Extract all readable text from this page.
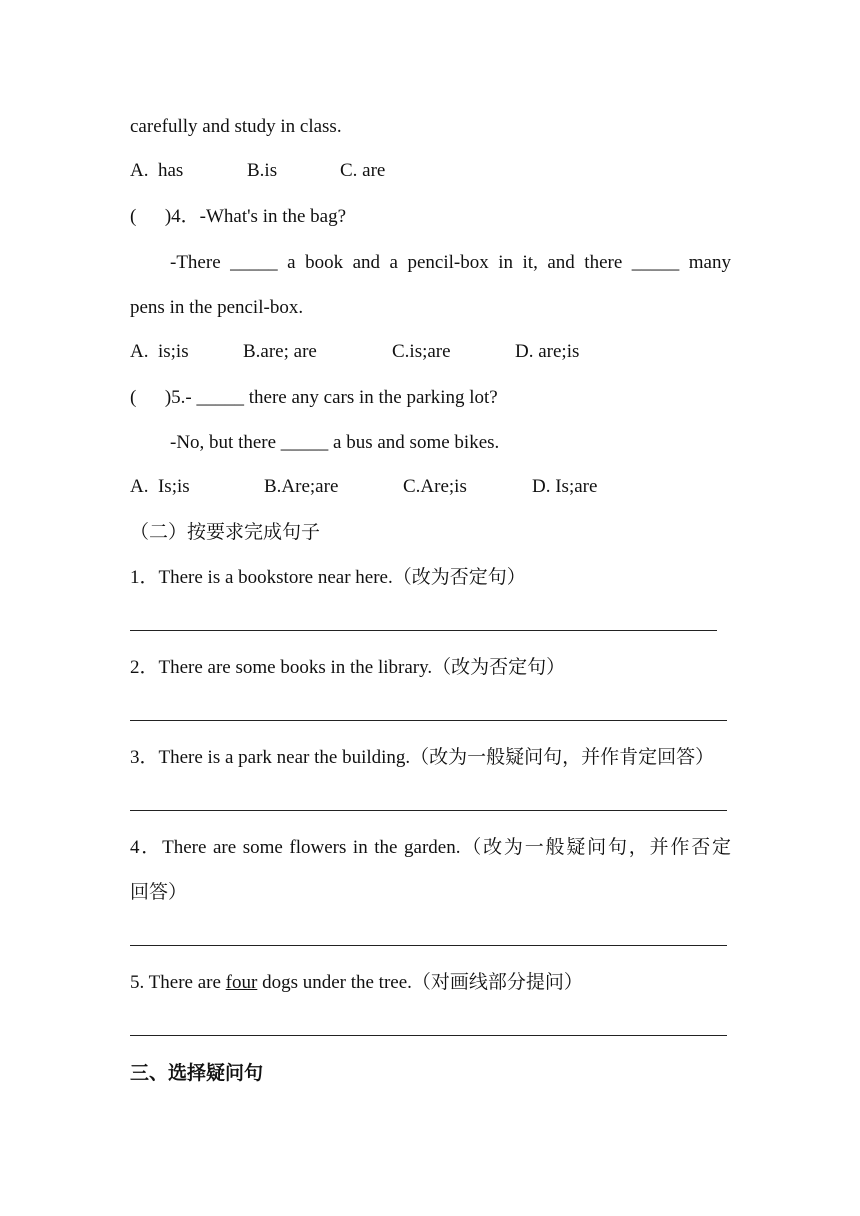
carefully and study in class.
A.  has	B.is	C. are
(      )4．-What's in the bag?
-There _____ a book and a pencil-box in it, and there _____ many
pens in the pencil-box.
A.  is;is	B.are; are	C.is;are	D. are;is
(      )5.- _____ there any cars in the parking lot?
-No, but there _____ a bus and some bikes.
A.  Is;is	B.Are;are	C.Are;is	D. Is;are
（二）按要求完成句子
1．There is a bookstore near here.（改为否定句）
2．There are some books in the library.（改为否定句）
3．There is a park near the building.（改为一般疑问句，并作肯定回答）
4．There are some flowers in the garden.（改为一般疑问句，并作否定
回答）
5. There are four dogs under the tree.（对画线部分提问）
三、选择疑问句
